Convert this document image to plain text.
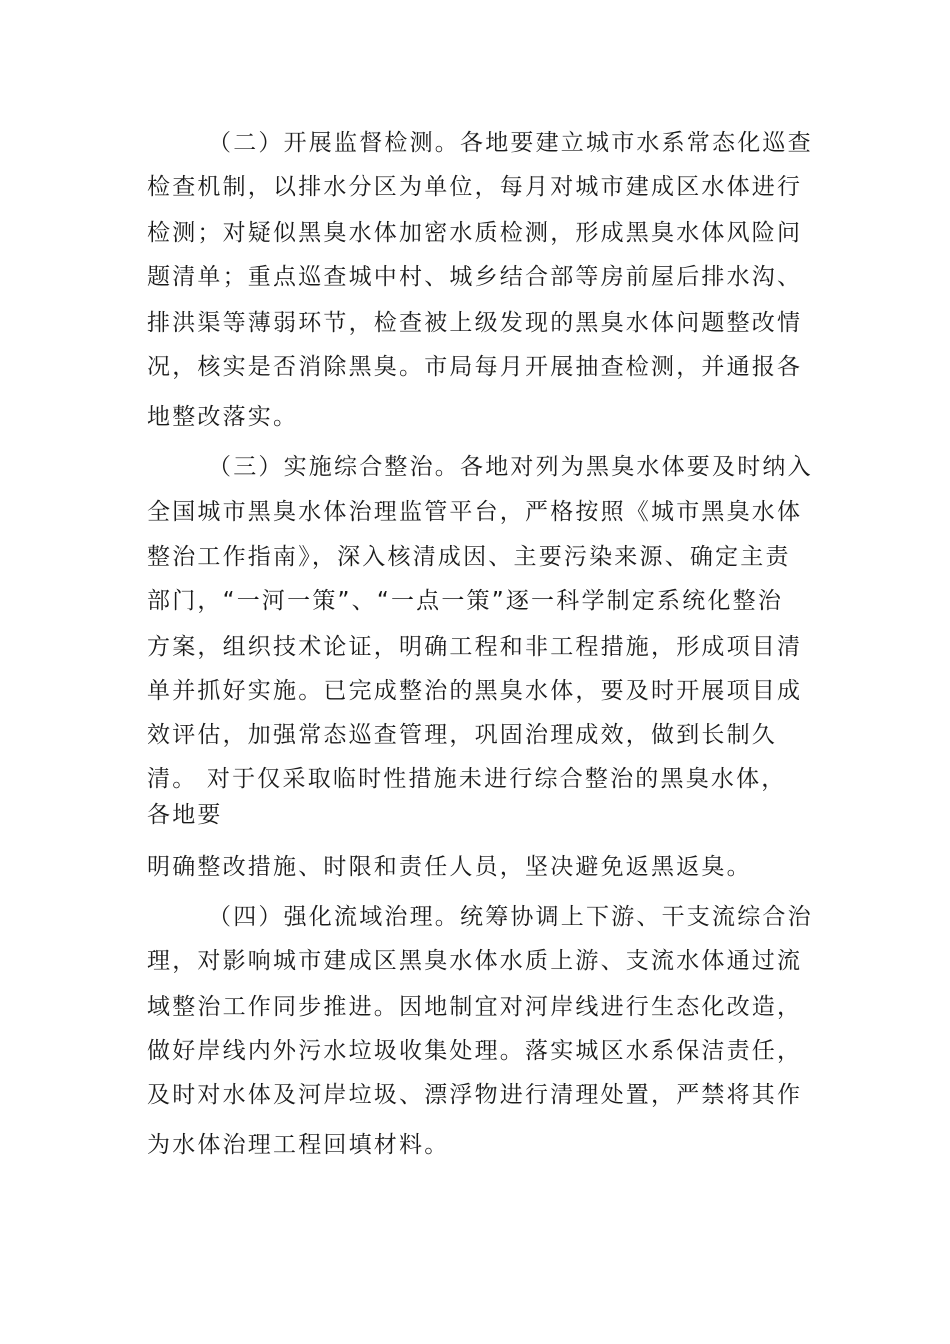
（二）开展监督检测。各地要建立城市水系常态化巡查
检查机制，以排水分区为单位，每月对城市建成区水体进行
检测；对疑似黑臭水体加密水质检测，形成黑臭水体风险问
题清单；重点巡查城中村、城乡结合部等房前屋后排水沟、
排洪渠等薄弱环节，检查被上级发现的黑臭水体问题整改情
况，核实是否消除黑臭。市局每月开展抽查检测，并通报各
地整改落实。
（三）实施综合整治。各地对列为黑臭水体要及时纳入
全国城市黑臭水体治理监管平台，严格按照《城市黑臭水体
整治工作指南》，深入核清成因、主要污染来源、确定主责
部门，“一河一策”、“一点一策”逐一科学制定系统化整治
方案，组织技术论证，明确工程和非工程措施，形成项目清
单并抓好实施。已完成整治的黑臭水体，要及时开展项目成
效评估，加强常态巡查管理，巩固治理成效，做到长制久
清。 对于仅采取临时性措施未进行综合整治的黑臭水体，
各地要
明确整改措施、时限和责任人员，坚决避免返黑返臭。
（四）强化流域治理。统筹协调上下游、干支流综合治
理，对影响城市建成区黑臭水体水质上游、支流水体通过流
域整治工作同步推进。因地制宜对河岸线进行生态化改造，
做好岸线内外污水垃圾收集处理。落实城区水系保洁责任，
及时对水体及河岸垃圾、漂浮物进行清理处置，严禁将其作
为水体治理工程回填材料。
